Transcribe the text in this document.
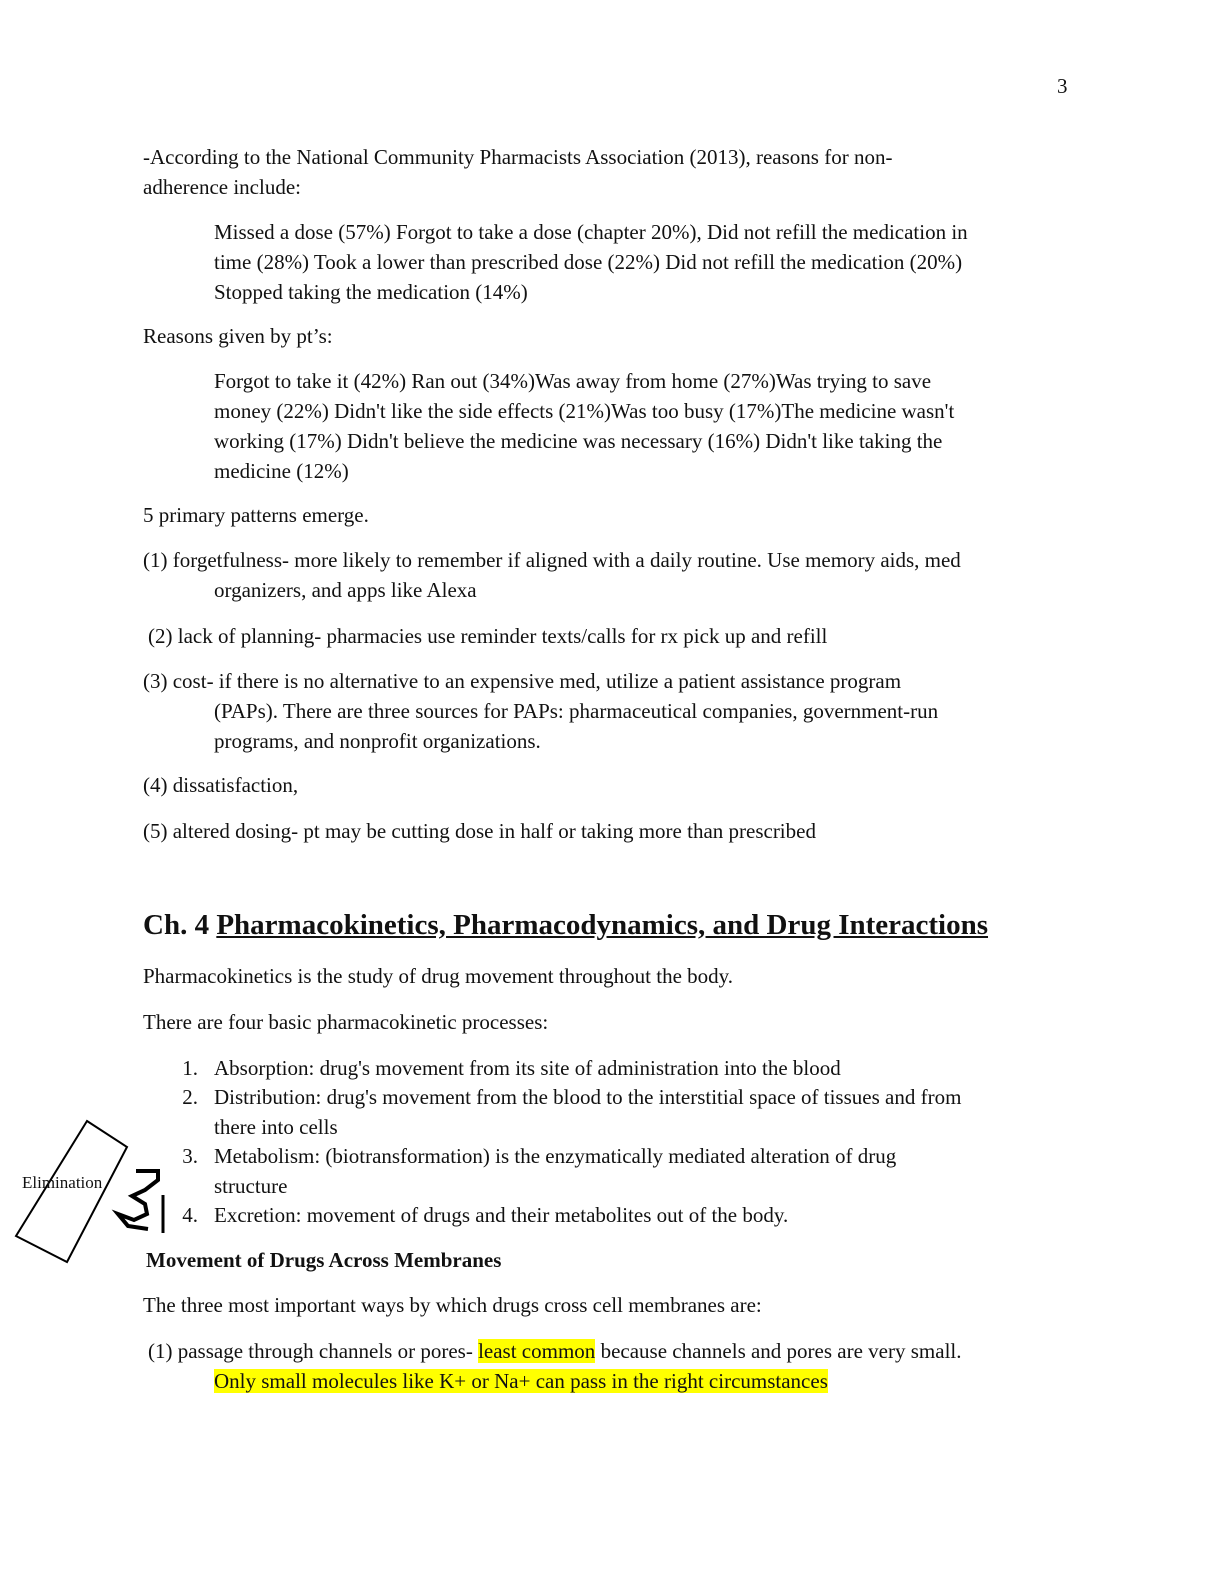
3
-According to the National Community Pharmacists Association (2013), reasons for non-
adherence include:
Missed a dose (57%) Forgot to take a dose (chapter 20%), Did not refill the medication in
time (28%) Took a lower than prescribed dose (22%) Did not refill the medication (20%)
Stopped taking the medication (14%)
Reasons given by pt’s:
Forgot to take it (42%) Ran out (34%)Was away from home (27%)Was trying to save
money (22%) Didn't like the side effects (21%)Was too busy (17%)The medicine wasn't
working (17%) Didn't believe the medicine was necessary (16%) Didn't like taking the
medicine (12%)
5 primary patterns emerge.
(1) forgetfulness- more likely to remember if aligned with a daily routine. Use memory aids, med
organizers, and apps like Alexa
(2) lack of planning- pharmacies use reminder texts/calls for rx pick up and refill
(3) cost- if there is no alternative to an expensive med, utilize a patient assistance program
(PAPs). There are three sources for PAPs: pharmaceutical companies, government-run
programs, and nonprofit organizations.
(4) dissatisfaction,
(5) altered dosing- pt may be cutting dose in half or taking more than prescribed
Ch. 4 Pharmacokinetics, Pharmacodynamics, and Drug Interactions
Pharmacokinetics is the study of drug movement throughout the body.
There are four basic pharmacokinetic processes:
1. Absorption: drug's movement from its site of administration into the blood
2. Distribution: drug's movement from the blood to the interstitial space of tissues and from
there into cells
3. Metabolism: (biotransformation) is the enzymatically mediated alteration of drug
structure
4. Excretion: movement of drugs and their metabolites out of the body.
Elimination
Movement of Drugs Across Membranes
The three most important ways by which drugs cross cell membranes are:
(1) passage through channels or pores- least common because channels and pores are very small.
Only small molecules like K+ or Na+ can pass in the right circumstances
